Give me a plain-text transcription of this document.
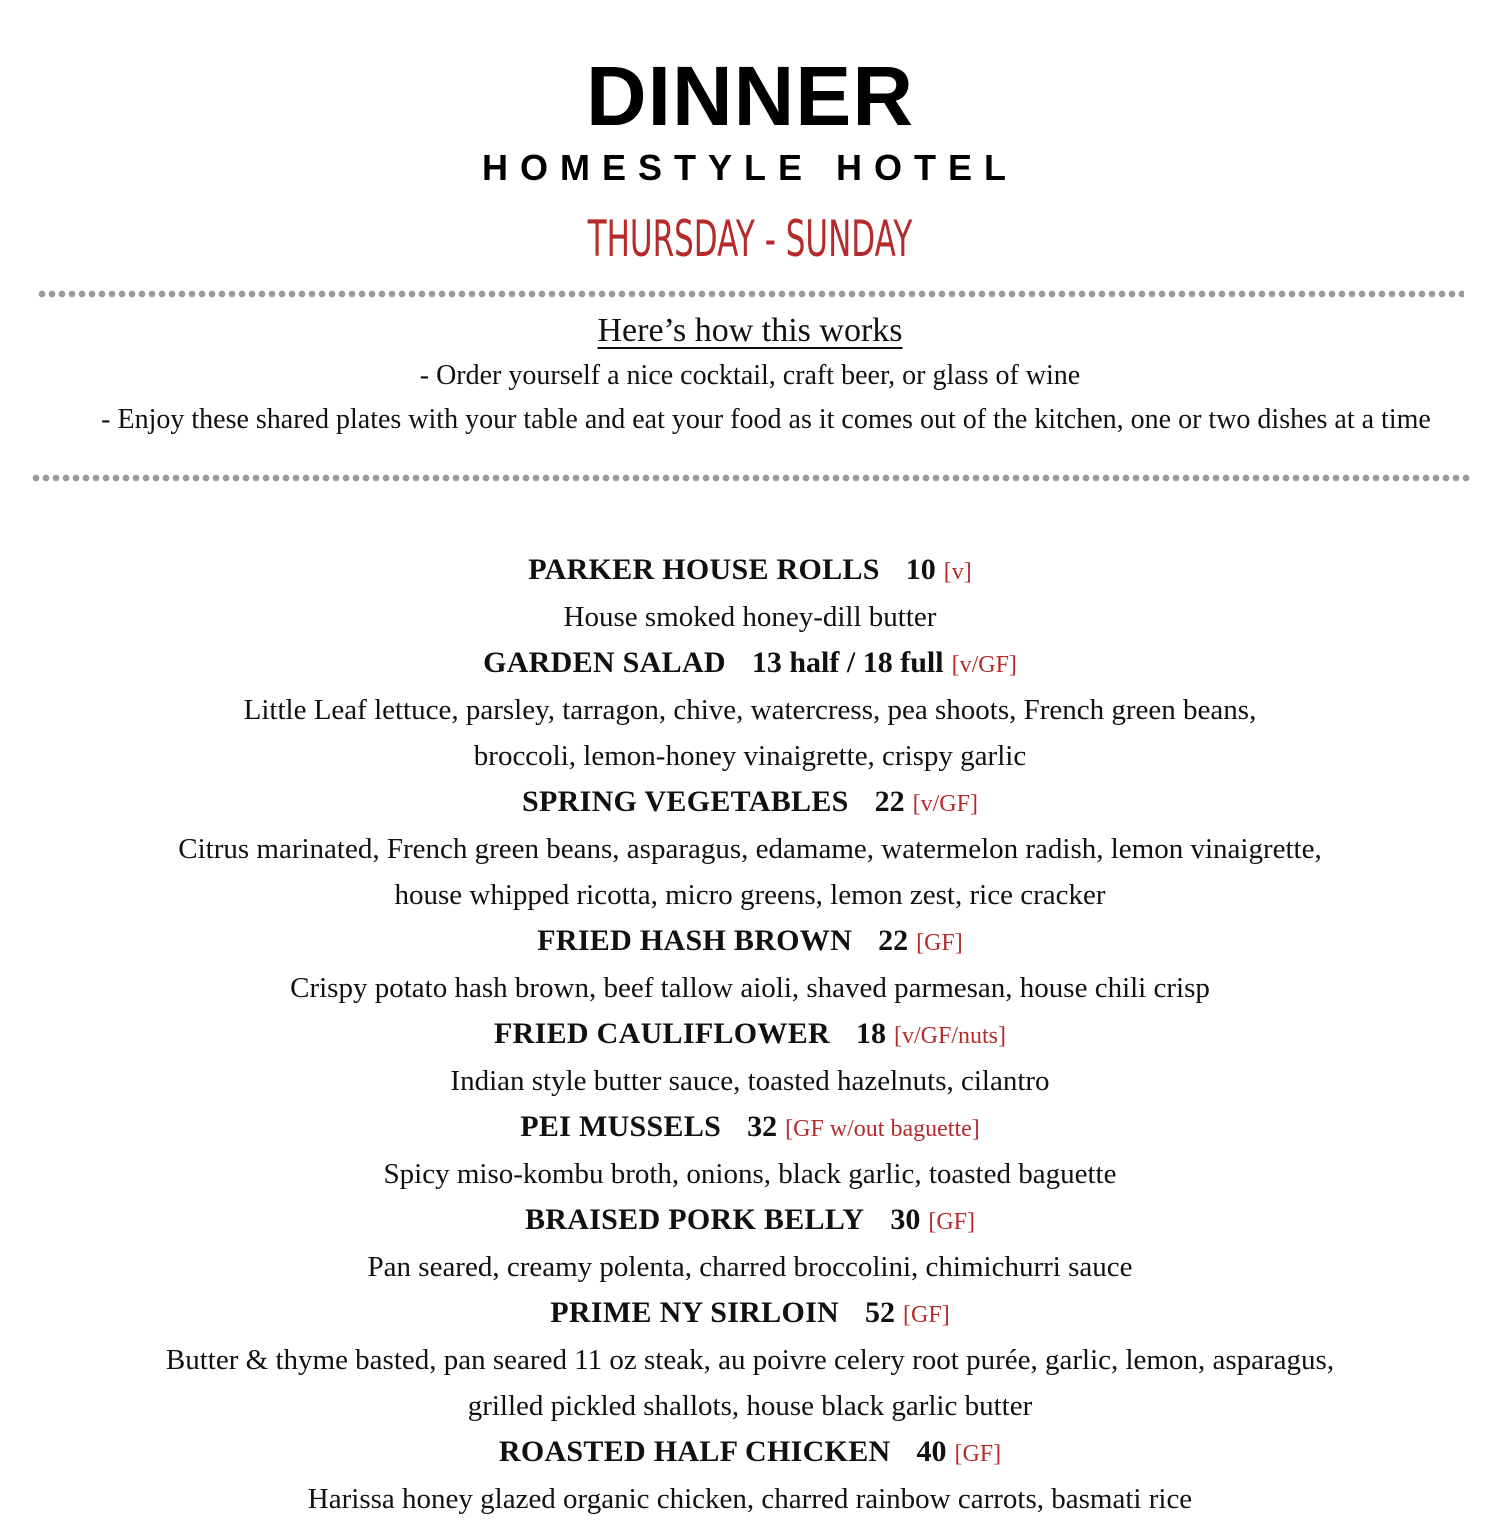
DINNER
HOMESTYLE HOTEL
THURSDAY - SUNDAY
Here’s how this works
- Order yourself a nice cocktail, craft beer, or glass of wine
- Enjoy these shared plates with your table and eat your food as it comes out of the kitchen, one or two dishes at a time
PARKER HOUSE ROLLS 10 [v]
House smoked honey-dill butter
GARDEN SALAD 13 half / 18 full [v/GF]
Little Leaf lettuce, parsley, tarragon, chive, watercress, pea shoots, French green beans,
broccoli, lemon-honey vinaigrette, crispy garlic
SPRING VEGETABLES 22 [v/GF]
Citrus marinated, French green beans, asparagus, edamame, watermelon radish, lemon vinaigrette,
house whipped ricotta, micro greens, lemon zest, rice cracker
FRIED HASH BROWN 22 [GF]
Crispy potato hash brown, beef tallow aioli, shaved parmesan, house chili crisp
FRIED CAULIFLOWER 18 [v/GF/nuts]
Indian style butter sauce, toasted hazelnuts, cilantro
PEI MUSSELS 32 [GF w/out baguette]
Spicy miso-kombu broth, onions, black garlic, toasted baguette
BRAISED PORK BELLY 30 [GF]
Pan seared, creamy polenta, charred broccolini, chimichurri sauce
PRIME NY SIRLOIN 52 [GF]
Butter & thyme basted, pan seared 11 oz steak, au poivre celery root purée, garlic, lemon, asparagus,
grilled pickled shallots, house black garlic butter
ROASTED HALF CHICKEN 40 [GF]
Harissa honey glazed organic chicken, charred rainbow carrots, basmati rice
